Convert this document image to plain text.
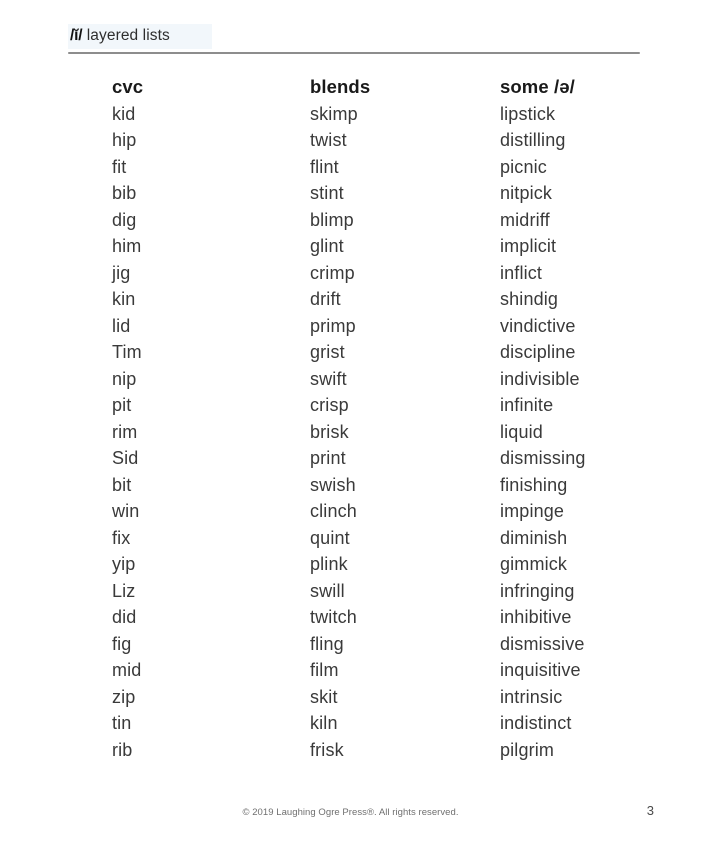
/ĭ/ layered lists
cvc
kid
hip
fit
bib
dig
him
jig
kin
lid
Tim
nip
pit
rim
Sid
bit
win
fix
yip
Liz
did
fig
mid
zip
tin
rib
blends
skimp
twist
flint
stint
blimp
glint
crimp
drift
primp
grist
swift
crisp
brisk
print
swish
clinch
quint
plink
swill
twitch
fling
film
skit
kiln
frisk
some /ə/
lipstick
distilling
picnic
nitpick
midriff
implicit
inflict
shindig
vindictive
discipline
indivisible
infinite
liquid
dismissing
finishing
impinge
diminish
gimmick
infringing
inhibitive
dismissive
inquisitive
intrinsic
indistinct
pilgrim
© 2019 Laughing Ogre Press®. All rights reserved.	3
